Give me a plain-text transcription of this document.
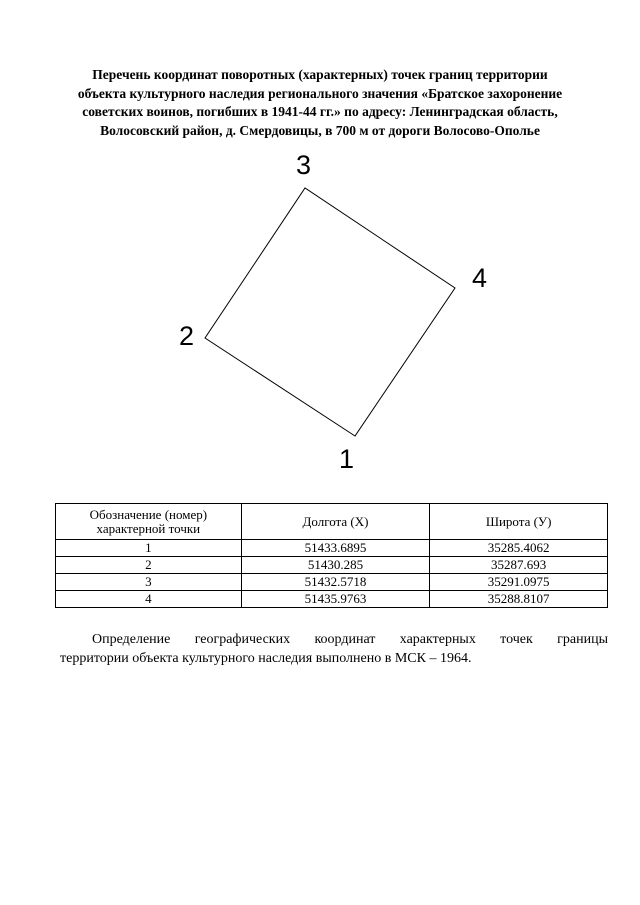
Перечень координат поворотных (характерных) точек границ территории
объекта культурного наследия регионального значения «Братское захоронение
советских воинов, погибших в 1941-44 гг.» по адресу: Ленинградская область,
Волосовский район, д. Смердовицы, в 700 м от дороги Волосово-Ополье
1
2
3
4
Обозначение (номер) характерной точки	Долгота (X)	Широта (У)
1	51433.6895	35285.4062
2	51430.285	35287.693
3	51432.5718	35291.0975
4	51435.9763	35288.8107
Определение географических координат характерных точек границы
территории объекта культурного наследия выполнено в МСК – 1964.
